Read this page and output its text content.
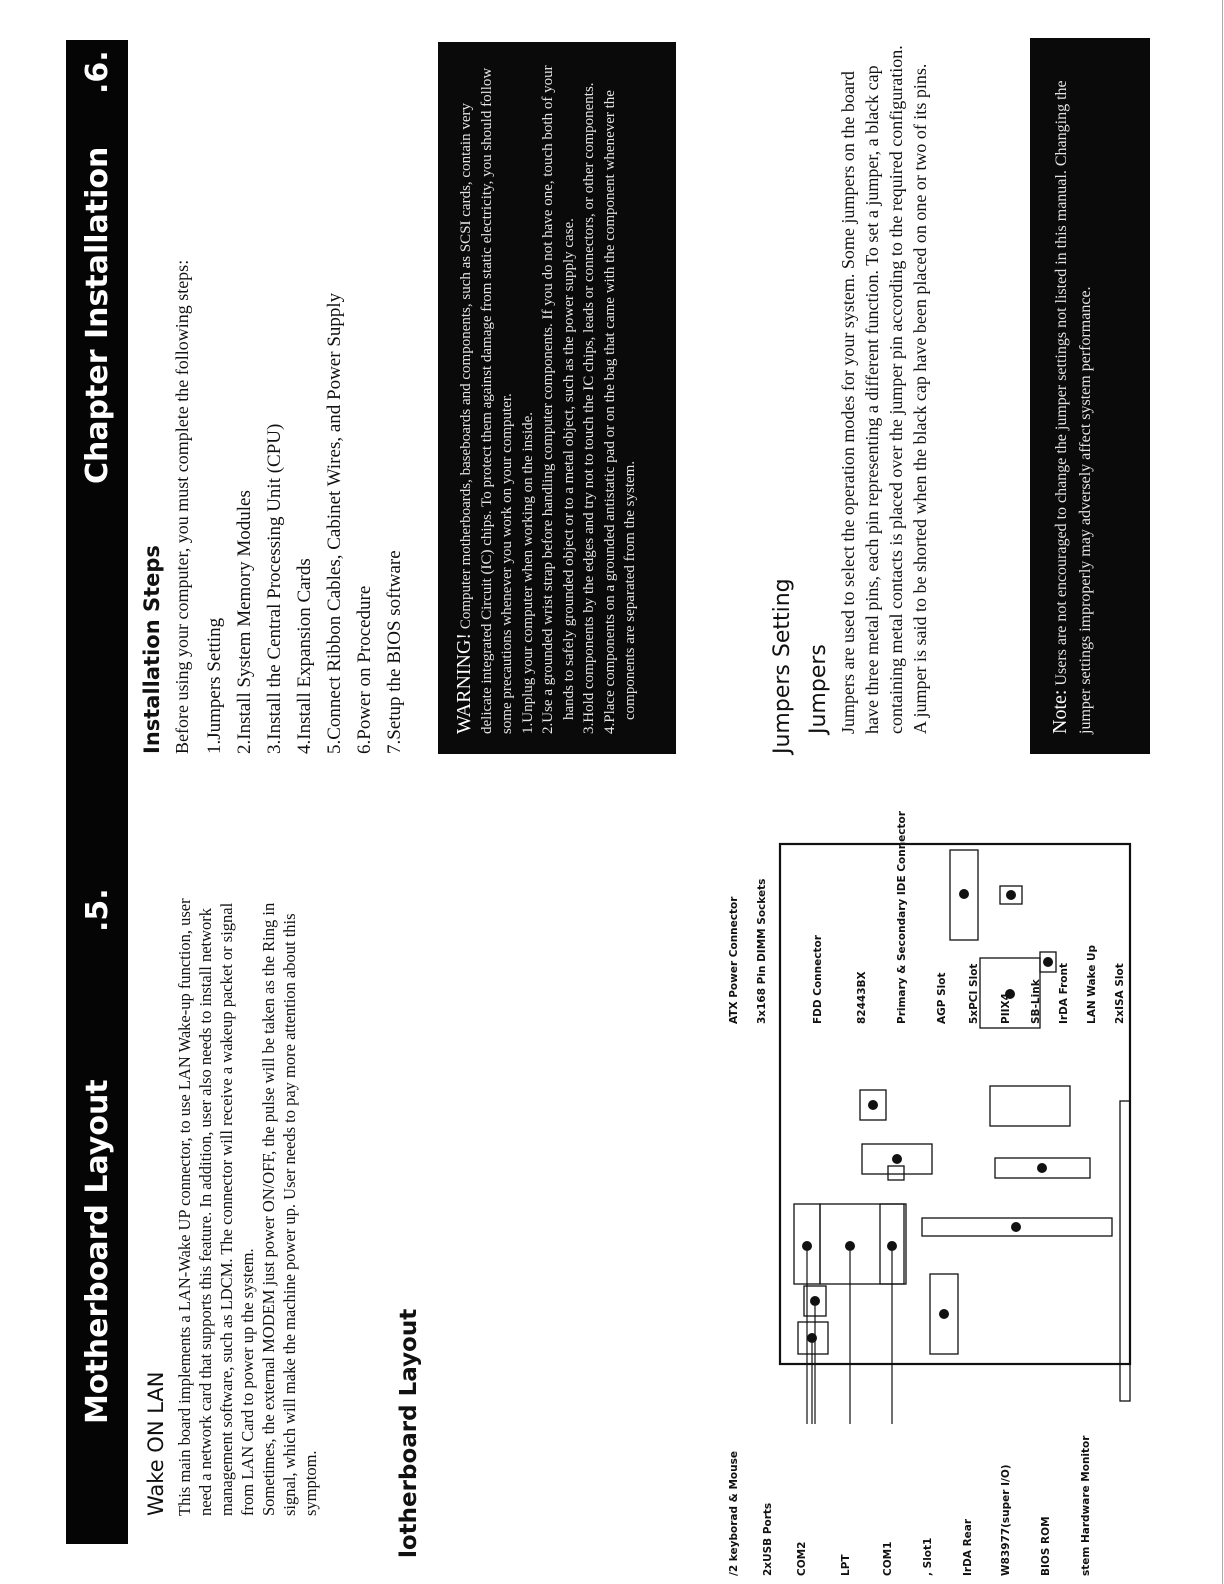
Motherboard Layout
.5.
Wake ON LAN This main board implements a LAN-Wake UP connector, to use LAN Wake-up function, user need a network card that supports this feature. In addition, user also needs to install network management software, such as LDCM. The connector will receive a wakeup packet or signal from LAN Card to power up the system. Sometimes, the external MODEM just power ON/OFF, the pulse will be taken as the Ring in signal, which will make the machine power up. User needs to pay more attention about this symptom.	lotherboard Layout	/2 keyborad & Mouse 2xUSB Ports COM2	LPT	COM1	, Slot1	IrDA Rear W83977(super I/O)	BIOS ROM	stem Hardware Monitor
ATX Power Connector 3x168 Pin DIMM Sockets	FDD Connector	82443BX	Primary & Secondary IDE Connector	AGP Slot 5xPCI Slot PIIX4 SB-Link IrDA Front LAN Wake Up 2xISA Slot
Chapter Installation
.6.
Installation Steps Before using your computer, you must complete the following steps: 1.Jumpers Setting 2.Install System Memory Modules 3.Install the Central Processing Unit (CPU) 4.Install Expansion Cards 5.Connect Ribbon Cables, Cabinet Wires, and Power Supply 6.Power on Procedure 7.Setup the BIOS software WARNING! Computer motherboards, baseboards and components, such as SCSI cards, contain very delicate integrated Circuit (IC) chips. To protect them against damage from static electricity, you should follow some precautions whenever you work on your computer. 1.Unplug your computer when working on the inside. 2.Use a grounded wrist strap before handling computer components. If you do not have one, touch both of your hands to safely grounded object or to a metal object, such as the power supply case. 3.Hold components by the edges and try not to touch the IC chips, leads or connectors, or other components. 4.Place components on a grounded antistatic pad or on the bag that came with the component whenever the components are separated from the system.	Jumpers Setting Jumpers Jumpers are used to select the operation modes for your system. Some jumpers on the board have three metal pins, each pin representing a different function. To set a jumper, a black cap containing metal contacts is placed over the jumper pin according to the required configuration. A jumper is said to be shorted when the black cap have been placed on one or two of its pins.	Note: Users are not encouraged to change the jumper settings not listed in this manual. Changing the jumper settings improperly may adversely affect system performance.
